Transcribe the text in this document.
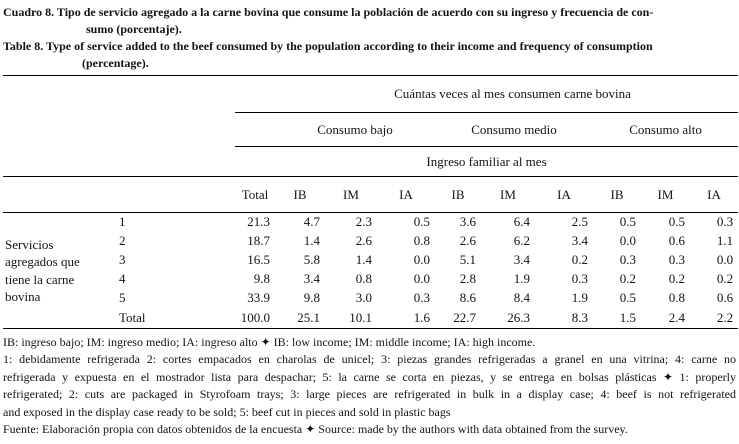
Cuadro 8. Tipo de servicio agregado a la carne bovina que consume la población de acuerdo con su ingreso y frecuencia de con-
sumo (porcentaje).
Table 8. Type of service added to the beef consumed by the population according to their income and frequency of consumption
(percentage).
		Cuántas veces al mes consumen carne bovina									
			Consumo bajo			Consumo medio			Consumo alto		
		Ingreso familiar al mes									
		Total	IB	IM	IA	IB	IM	IA	IB	IM	IA

Servicios
agregados que
tiene la carne
bovina	1	21.3	4.7	2.3	0.5	3.6	6.4	2.5	0.5	0.5	0.3
	2	18.7	1.4	2.6	0.8	2.6	6.2	3.4	0.0	0.6	1.1
	3	16.5	5.8	1.4	0.0	5.1	3.4	0.2	0.3	0.3	0.0
	4	9.8	3.4	0.8	0.0	2.8	1.9	0.3	0.2	0.2	0.2
	5	33.9	9.8	3.0	0.3	8.6	8.4	1.9	0.5	0.8	0.6
	Total	100.0	25.1	10.1	1.6	22.7	26.3	8.3	1.5	2.4	2.2
IB: ingreso bajo; IM: ingreso medio; IA: ingreso alto ✦ IB: low income; IM: middle income; IA: high income.
1: debidamente refrigerada 2: cortes empacados en charolas de unicel; 3: piezas grandes refrigeradas a granel en una vitrina; 4: carne no
refrigerada y expuesta en el mostrador lista para despachar; 5: la carne se corta en piezas, y se entrega en bolsas plásticas ✦ 1: properly
refrigerated; 2: cuts are packaged in Styrofoam trays; 3: large pieces are refrigerated in bulk in a display case; 4: beef is not refrigerated
and exposed in the display case ready to be sold; 5: beef cut in pieces and sold in plastic bags
Fuente: Elaboración propia con datos obtenidos de la encuesta ✦ Source: made by the authors with data obtained from the survey.
